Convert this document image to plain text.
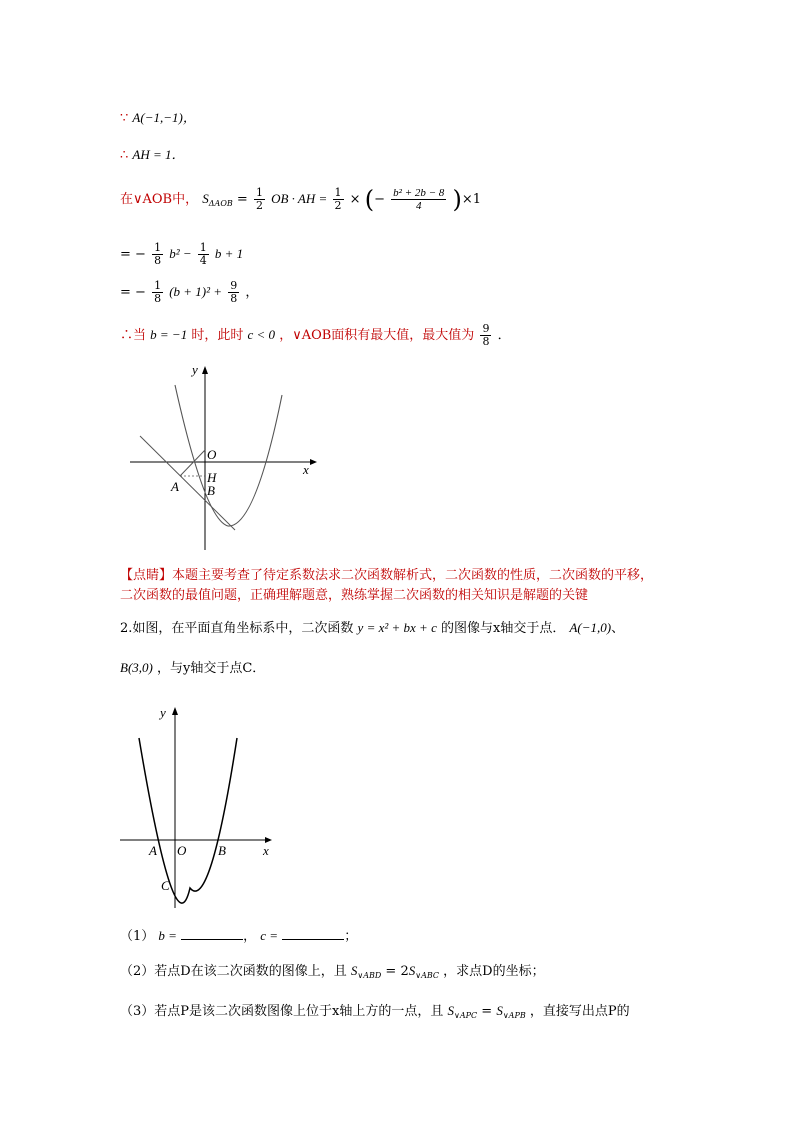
∵ A(−1,−1)，
∴ AH = 1．
在∨AOB中， $S_{\Delta AOB} = \frac{1}{2}$ OB · AH = $\frac{1}{2}$ × (− $\frac{\text{b² + 2b − 8}}{4} )\times 1$
= − $\frac{1}{8} b^2 - \frac{1}{4}$ b + 1
= − $\frac{1}{8} (b + 1)^2 + \frac{9}{8}$ ，
∴当 b = −1 时，此时 c < 0 ，∨AOB面积有最大值，最大值为 $\frac{9}{8}$ ．
y
x
O
H
A B
【点睛】本题主要考查了待定系数法求二次函数解析式，二次函数的性质，二次函数的平移，
二次函数的最值问题，正确理解题意，熟练掌握二次函数的相关知识是解题的关键
2.如图，在平面直角坐标系中，二次函数 y = x² + bx + c 的图像与x轴交于点． A(−1,0)、
B(3,0) ，与y轴交于点C．
y
x
A O B
C
（1） b =	， c =	；
（2）若点D在该二次函数的图像上，且 $S_{\vee ABD} = 2S_{\vee ABC}$ ，求点D的坐标；
（3）若点P是该二次函数图像上位于x轴上方的一点，且 $S_{\vee APC} = S_{\vee APB}$ ，直接写出点P的
